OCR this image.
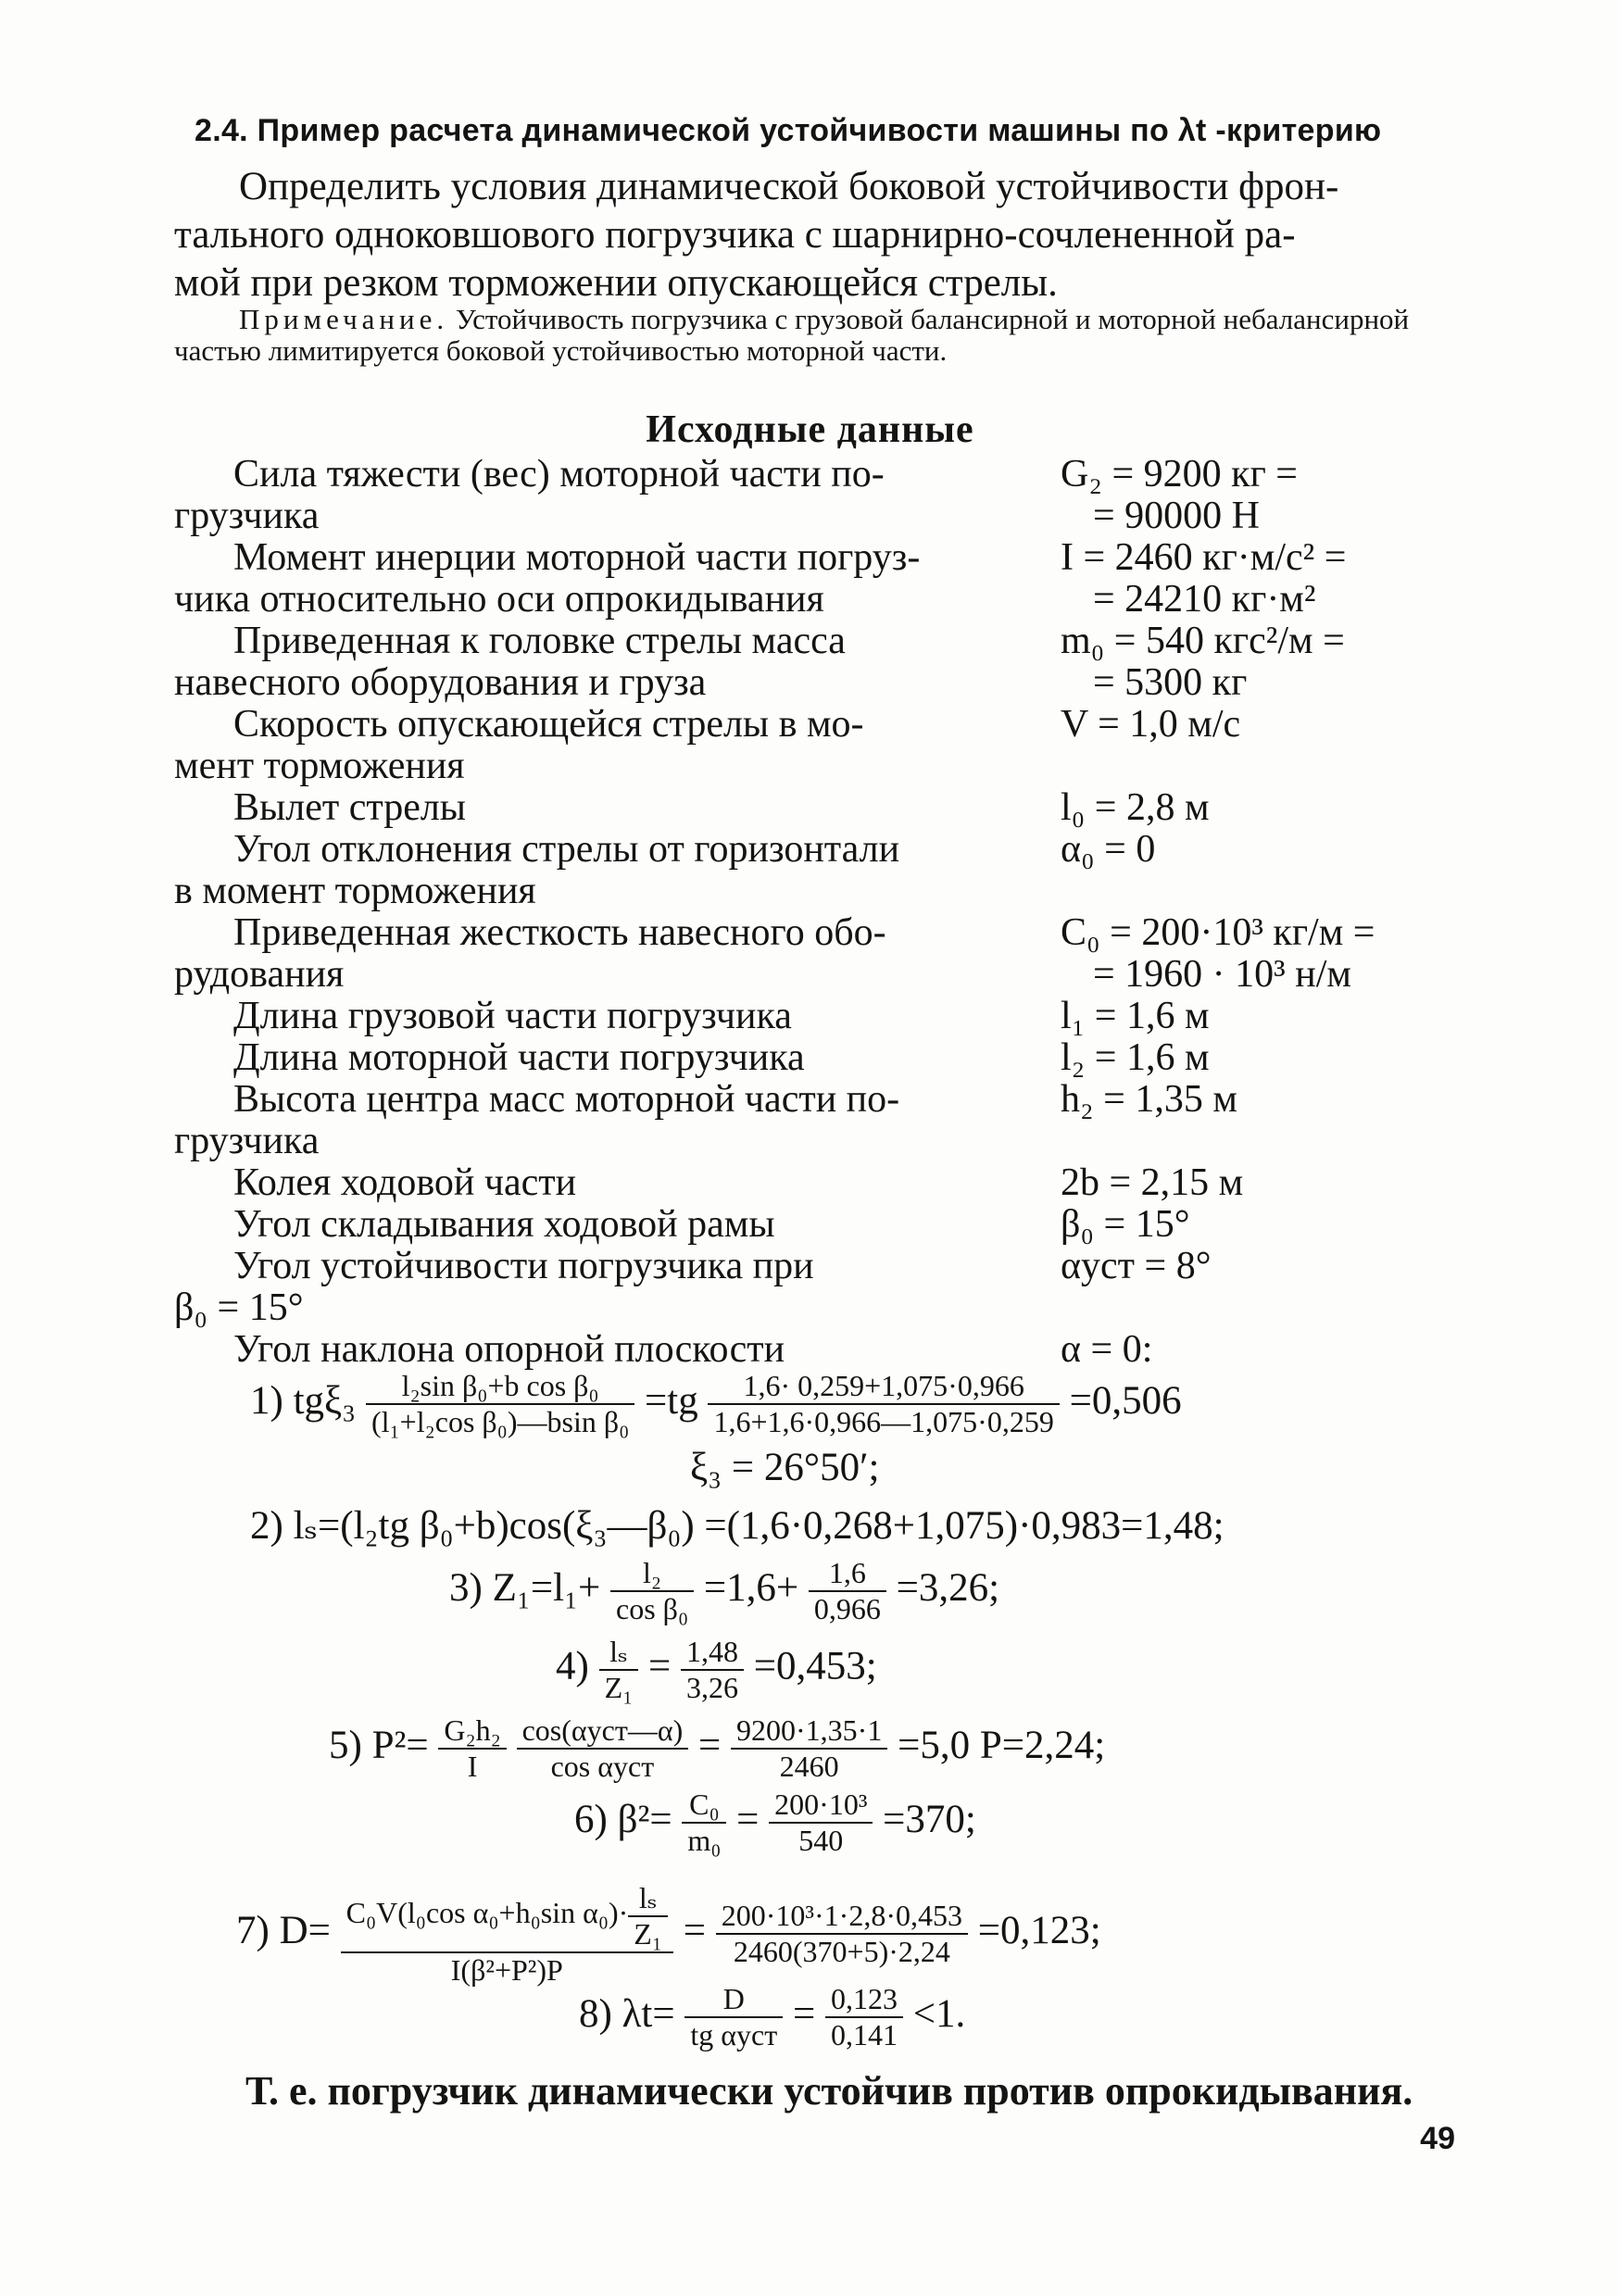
2.4. Пример расчета динамической устойчивости машины по λt -критерию

Определить условия динамической боковой устойчивости фрон-

тального одноковшового погрузчика с шарнирно-сочлененной ра-

мой при резком торможении опускающейся стрелы.

Примечание. Устойчивость погрузчика с грузовой балансирной и моторной небалансирной частью лимитируется боковой устойчивостью моторной части.
Исходные данные
Сила тяжести (вес) моторной части по-	G₂ = 9200 кг =
грузчика	= 90000 Н
Момент инерции моторной части погруз-	I = 2460 кг·м/с² =
чика относительно оси опрокидывания	= 24210 кг·м²
Приведенная к головке стрелы масса	m₀ = 540 кгс²/м =
навесного оборудования и груза	= 5300 кг
Скорость опускающейся стрелы в мо-	V = 1,0 м/с
мент торможения
Вылет стрелы	l₀ = 2,8 м
Угол отклонения стрелы от горизонтали	α₀ = 0
в момент торможения
Приведенная жесткость навесного обо-	C₀ = 200·10³ кг/м =
рудования	= 1960 · 10³ н/м
Длина грузовой части погрузчика	l₁ = 1,6 м
Длина моторной части погрузчика	l₂ = 1,6 м
Высота центра масс моторной части по-	h₂ = 1,35 м
грузчика
Колея ходовой части	2b = 2,15 м
Угол складывания ходовой рамы	β₀ = 15°
Угол устойчивости погрузчика при	αуст = 8°
β₀ = 15°
Угол наклона опорной плоскости	α = 0:
1) $tg\xi_3 \frac{\text{l₂sin β₀+b cos β₀}}{\text{(l₁+l₂cos β₀)—bsin β₀}} =tg \frac{1,6\cdot 0,259+1,075\cdot 0,966}{1,6+1,6\cdot 0,966—1,075\cdot 0,259} =0,506$
ξ₃ = 26°50′;
2) lₛ=(l₂tg β₀+b)cos(ξ₃—β₀) =(1,6·0,268+1,075)·0,983=1,48;
3) $Z_1=l_1+ \frac{\text{l₂}}{\text{cos β₀}} =1,6+ \frac{1,6}{0,966} =3,26$;
$4) \frac{\text{lₛ}}{\text{Z₁}} = \frac{1,48}{3,26} =0,453$;
5) $P^2= \frac{\text{G₂h₂}}{I}$
$\frac{\text{cos(αуст—α)}}{\text{cos αуст}} = \frac{9200\cdot 1,35\cdot 1}{2460} =5,0$ P=2,24;
6) $\beta^2= \frac{\text{C₀}}{\text{m₀}} = \frac{\text{200·10³}}{540} =370$;
7) $D= \frac{C_0V(l_0\cos \alpha_0+h_0\sin \alpha_0)\cdot \frac{\text{lₛ}}{\text{Z₁}}}{\text{I(β²+P²)P}} = \frac{\text{200·10³·1·2,8·0,453}}{2460(370+5)\cdot 2,24} =0,123$;
8) $\lambda t= \frac{D}{\text{tg αуст}} = \frac{0,123}{0,141} <1$.
Т. е. погрузчик динамически устойчив против опрокидывания.
49
